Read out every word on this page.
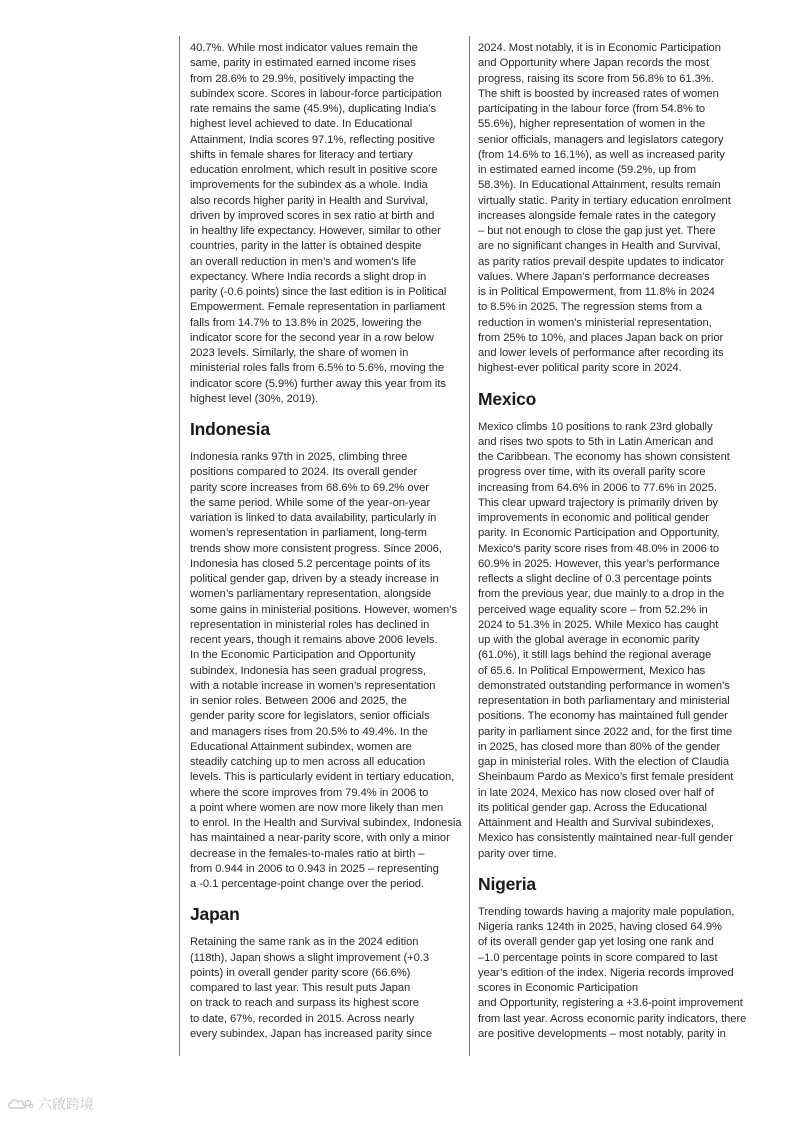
40.7%. While most indicator values remain the
same, parity in estimated earned income rises
from 28.6% to 29.9%, positively impacting the
subindex score. Scores in labour-force participation
rate remains the same (45.9%), duplicating India’s
highest level achieved to date. In Educational
Attainment, India scores 97.1%, reflecting positive
shifts in female shares for literacy and tertiary
education enrolment, which result in positive score
improvements for the subindex as a whole. India
also records higher parity in Health and Survival,
driven by improved scores in sex ratio at birth and
in healthy life expectancy. However, similar to other
countries, parity in the latter is obtained despite
an overall reduction in men’s and women’s life
expectancy. Where India records a slight drop in
parity (-0.6 points) since the last edition is in Political
Empowerment. Female representation in parliament
falls from 14.7% to 13.8% in 2025, lowering the
indicator score for the second year in a row below
2023 levels. Similarly, the share of women in
ministerial roles falls from 6.5% to 5.6%, moving the
indicator score (5.9%) further away this year from its
highest level (30%, 2019).
Indonesia
Indonesia ranks 97th in 2025, climbing three
positions compared to 2024. Its overall gender
parity score increases from 68.6% to 69.2% over
the same period. While some of the year-on-year
variation is linked to data availability, particularly in
women’s representation in parliament, long-term
trends show more consistent progress. Since 2006,
Indonesia has closed 5.2 percentage points of its
political gender gap, driven by a steady increase in
women’s parliamentary representation, alongside
some gains in ministerial positions. However, women’s
representation in ministerial roles has declined in
recent years, though it remains above 2006 levels.
In the Economic Participation and Opportunity
subindex, Indonesia has seen gradual progress,
with a notable increase in women’s representation
in senior roles. Between 2006 and 2025, the
gender parity score for legislators, senior officials
and managers rises from 20.5% to 49.4%. In the
Educational Attainment subindex, women are
steadily catching up to men across all education
levels. This is particularly evident in tertiary education,
where the score improves from 79.4% in 2006 to
a point where women are now more likely than men
to enrol. In the Health and Survival subindex, Indonesia
has maintained a near-parity score, with only a minor
decrease in the females-to-males ratio at birth –
from 0.944 in 2006 to 0.943 in 2025 – representing
a -0.1 percentage-point change over the period.
Japan
Retaining the same rank as in the 2024 edition
(118th), Japan shows a slight improvement (+0.3
points) in overall gender parity score (66.6%)
compared to last year. This result puts Japan
on track to reach and surpass its highest score
to date, 67%, recorded in 2015. Across nearly
every subindex, Japan has increased parity since
2024. Most notably, it is in Economic Participation
and Opportunity where Japan records the most
progress, raising its score from 56.8% to 61.3%.
The shift is boosted by increased rates of women
participating in the labour force (from 54.8% to
55.6%), higher representation of women in the
senior officials, managers and legislators category
(from 14.6% to 16.1%), as well as increased parity
in estimated earned income (59.2%, up from
58.3%). In Educational Attainment, results remain
virtually static. Parity in tertiary education enrolment
increases alongside female rates in the category
– but not enough to close the gap just yet. There
are no significant changes in Health and Survival,
as parity ratios prevail despite updates to indicator
values. Where Japan’s performance decreases
is in Political Empowerment, from 11.8% in 2024
to 8.5% in 2025. The regression stems from a
reduction in women’s ministerial representation,
from 25% to 10%, and places Japan back on prior
and lower levels of performance after recording its
highest-ever political parity score in 2024.
Mexico
Mexico climbs 10 positions to rank 23rd globally
and rises two spots to 5th in Latin American and
the Caribbean. The economy has shown consistent
progress over time, with its overall parity score
increasing from 64.6% in 2006 to 77.6% in 2025.
This clear upward trajectory is primarily driven by
improvements in economic and political gender
parity. In Economic Participation and Opportunity,
Mexico’s parity score rises from 48.0% in 2006 to
60.9% in 2025. However, this year’s performance
reflects a slight decline of 0.3 percentage points
from the previous year, due mainly to a drop in the
perceived wage equality score – from 52.2% in
2024 to 51.3% in 2025. While Mexico has caught
up with the global average in economic parity
(61.0%), it still lags behind the regional average
of 65.6. In Political Empowerment, Mexico has
demonstrated outstanding performance in women’s
representation in both parliamentary and ministerial
positions. The economy has maintained full gender
parity in parliament since 2022 and, for the first time
in 2025, has closed more than 80% of the gender
gap in ministerial roles. With the election of Claudia
Sheinbaum Pardo as Mexico’s first female president
in late 2024, Mexico has now closed over half of
its political gender gap. Across the Educational
Attainment and Health and Survival subindexes,
Mexico has consistently maintained near-full gender
parity over time.
Nigeria
Trending towards having a majority male population,
Nigeria ranks 124th in 2025, having closed 64.9%
of its overall gender gap yet losing one rank and
–1.0 percentage points in score compared to last
year’s edition of the index. Nigeria records improved
scores in Economic Participation
and Opportunity, registering a +3.6-point improvement
from last year. Across economic parity indicators, there
are positive developments – most notably, parity in
六啟跨境
